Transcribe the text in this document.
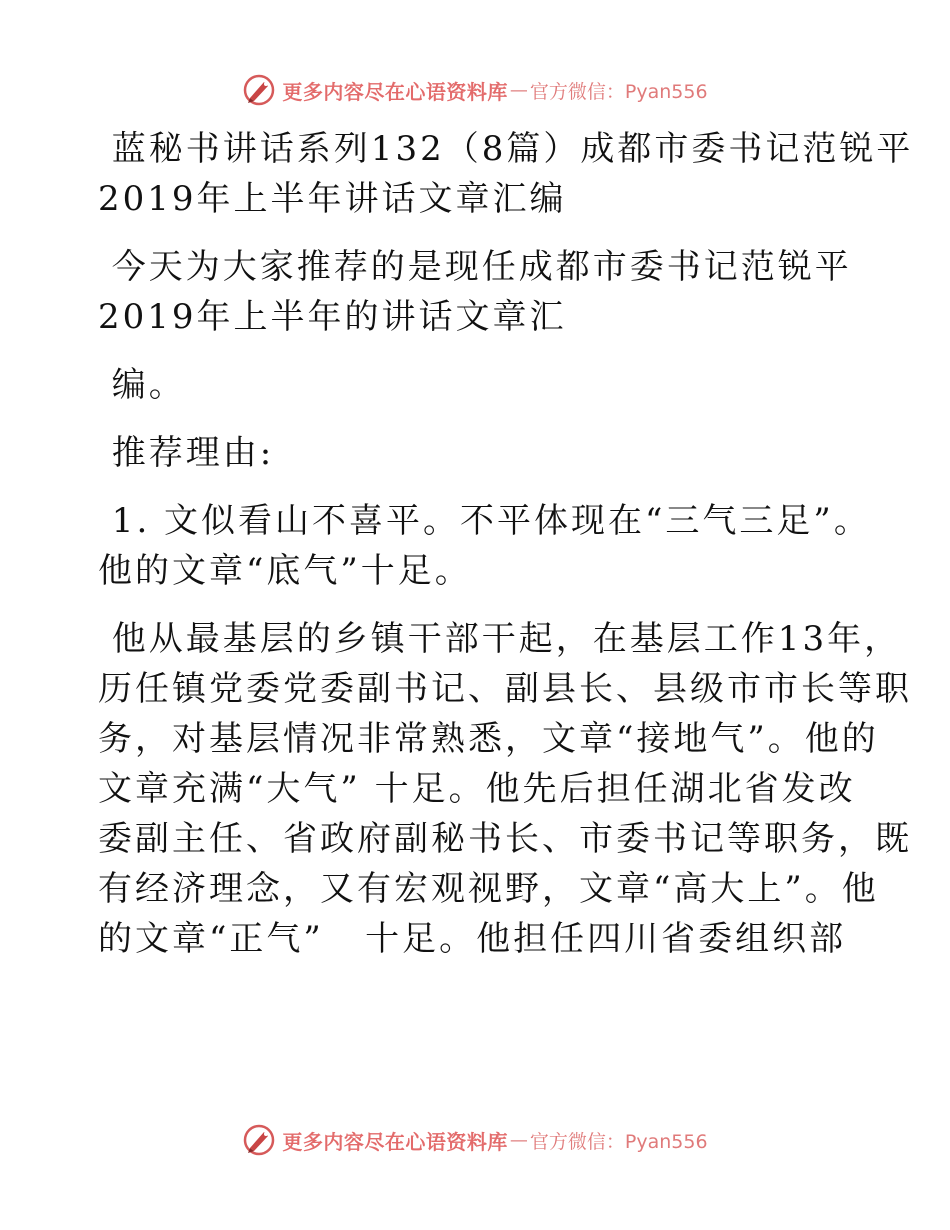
更多内容尽在心语资料库 — 官方微信：Pyan556

蓝秘书讲话系列132（8篇）成都市委书记范锐平

2019年上半年讲话文章汇编

今天为大家推荐的是现任成都市委书记范锐平

2019年上半年的讲话文章汇

编。

推荐理由:

1. 文似看山不喜平。不平体现在“三气三足”。

他的文章“底气”十足。

他从最基层的乡镇干部干起，在基层工作13年，

历任镇党委党委副书记、副县长、县级市市长等职

务，对基层情况非常熟悉，文章“接地气”。他的

文章充满“大气” 十足。他先后担任湖北省发改

委副主任、省政府副秘书长、市委书记等职务，既

有经济理念，又有宏观视野，文章“高大上”。他

的文章“正气”   十足。他担任四川省委组织部

更多内容尽在心语资料库 — 官方微信：Pyan556
